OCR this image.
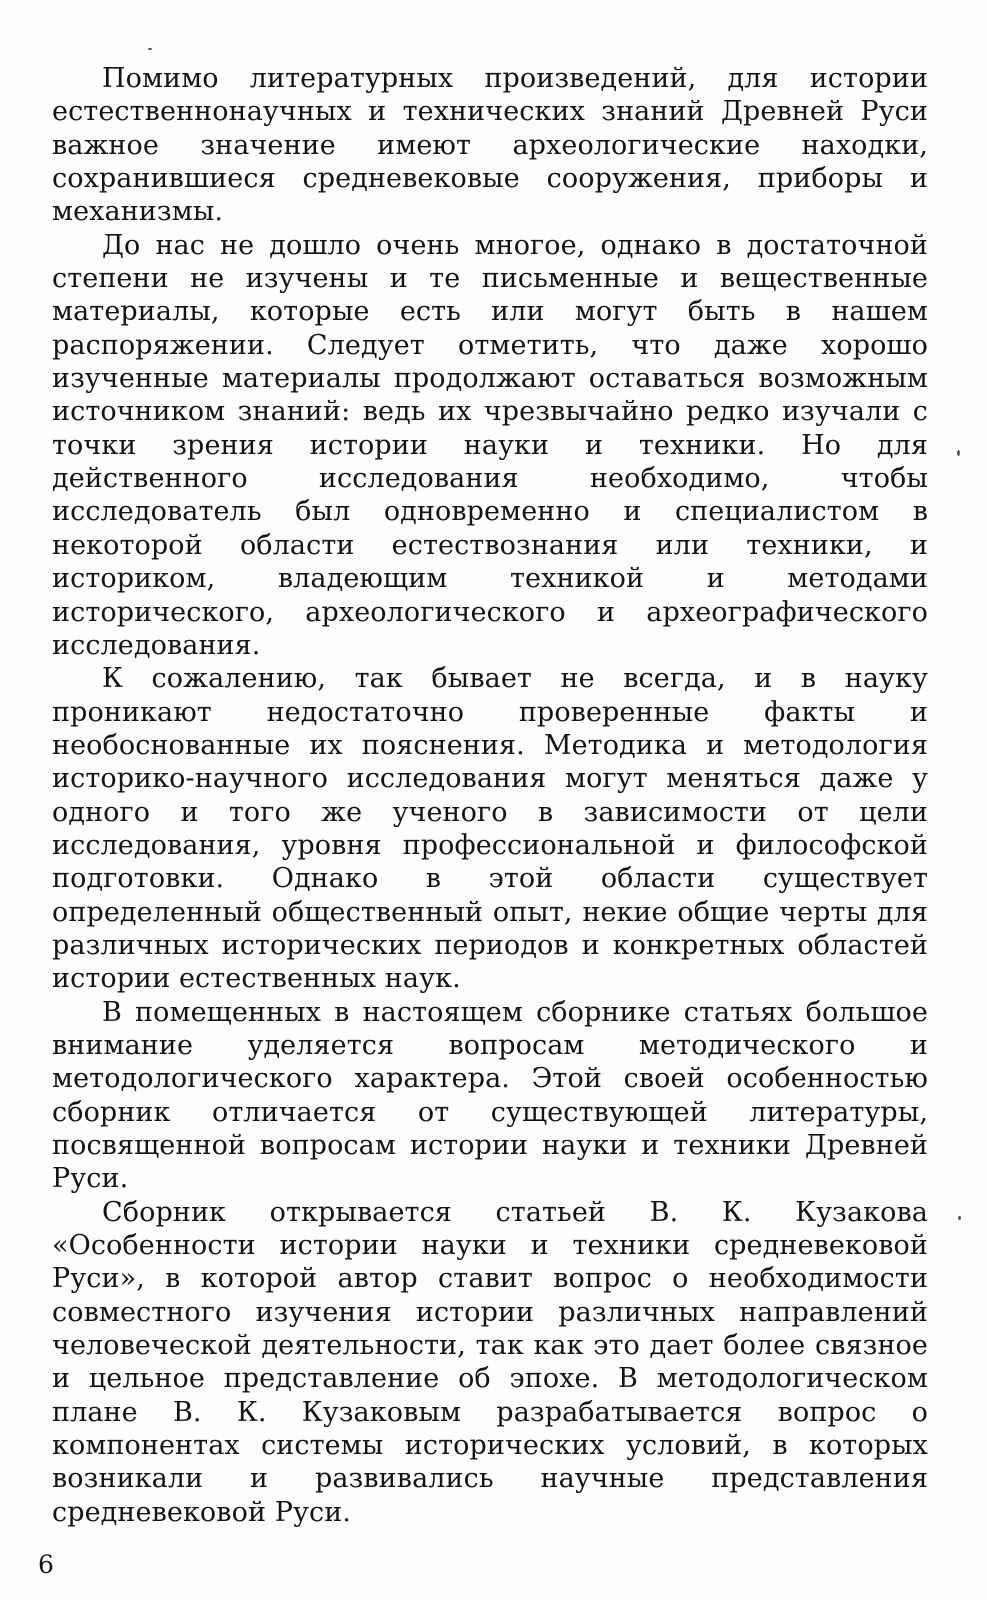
Помимо литературных произведений, для истории естественнонаучных и технических знаний Древней Руси важное значение имеют археологические находки, сохранившиеся средневековые сооружения, приборы и механизмы.

До нас не дошло очень многое, однако в достаточной степени не изучены и те письменные и вещественные материалы, которые есть или могут быть в нашем распоряжении. Следует отметить, что даже хорошо изученные материалы продолжают оставаться возможным источником знаний: ведь их чрезвычайно редко изучали с точки зрения истории науки и техники. Но для действенного исследования необходимо, чтобы исследователь был одновременно и специалистом в некоторой области естествознания или техники, и историком, владеющим техникой и методами исторического, археологического и археографического исследования.

К сожалению, так бывает не всегда, и в науку проникают недостаточно проверенные факты и необоснованные их пояснения. Методика и методология историко-научного исследования могут меняться даже у одного и того же ученого в зависимости от цели исследования, уровня профессиональной и философской подготовки. Однако в этой области существует определенный общественный опыт, некие общие черты для различных исторических периодов и конкретных областей истории естественных наук.

В помещенных в настоящем сборнике статьях большое внимание уделяется вопросам методического и методологического характера. Этой своей особенностью сборник отличается от существующей литературы, посвященной вопросам истории науки и техники Древней Руси.

Сборник открывается статьей В. К. Кузакова «Особенности истории науки и техники средневековой Руси», в которой автор ставит вопрос о необходимости совместного изучения истории различных направлений человеческой деятельности, так как это дает более связное и цельное представление об эпохе. В методологическом плане В. К. Кузаковым разрабатывается вопрос о компонентах системы исторических условий, в которых возникали и развивались научные представления средневековой Руси.

6
